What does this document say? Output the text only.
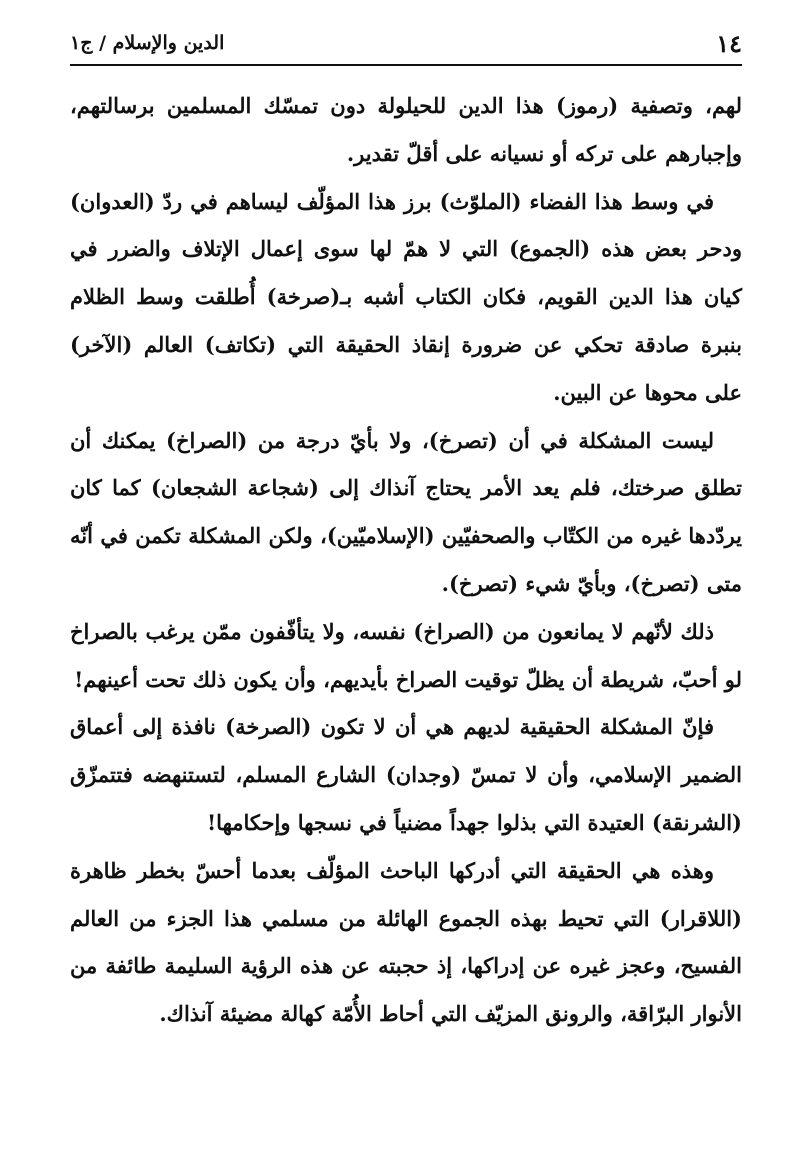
١٤
الدين والإسلام / ج١

لهم، وتصفية (رموز) هذا الدين للحيلولة دون تمسّك المسلمين برسالتهم، وإجبارهم على تركه أو نسيانه على أقلّ تقدير.

في وسط هذا الفضاء (الملوّث) برز هذا المؤلّف ليساهم في ردّ (العدوان) ودحر بعض هذه (الجموع) التي لا همّ لها سوى إعمال الإتلاف والضرر في كيان هذا الدين القويم، فكان الكتاب أشبه بـ(صرخة) أُطلقت وسط الظلام بنبرة صادقة تحكي عن ضرورة إنقاذ الحقيقة التي (تكاتف) العالم (الآخر) على محوها عن البين.

ليست المشكلة في أن (تصرخ)، ولا بأيّ درجة من (الصراخ) يمكنك أن تطلق صرختك، فلم يعد الأمر يحتاج آنذاك إلى (شجاعة الشجعان) كما كان يردّدها غيره من الكتّاب والصحفيّين (الإسلاميّين)، ولكن المشكلة تكمن في أنّه متى (تصرخ)، وبأيّ شيء (تصرخ).

ذلك لأنّهم لا يمانعون من (الصراخ) نفسه، ولا يتأفّفون ممّن يرغب بالصراخ لو أحبّ، شريطة أن يظلّ توقيت الصراخ بأيديهم، وأن يكون ذلك تحت أعينهم!

فإنّ المشكلة الحقيقية لديهم هي أن لا تكون (الصرخة) نافذة إلى أعماق الضمير الإسلامي، وأن لا تمسّ (وجدان) الشارع المسلم، لتستنهضه فتتمزّق (الشرنقة) العتيدة التي بذلوا جهداً مضنياً في نسجها وإحكامها!

وهذه هي الحقيقة التي أدركها الباحث المؤلّف بعدما أحسّ بخطر ظاهرة (اللاقرار) التي تحيط بهذه الجموع الهائلة من مسلمي هذا الجزء من العالم الفسيح، وعجز غيره عن إدراكها، إذ حجبته عن هذه الرؤية السليمة طائفة من الأنوار البرّاقة، والرونق المزيّف التي أحاط الأُمّة كهالة مضيئة آنذاك.
